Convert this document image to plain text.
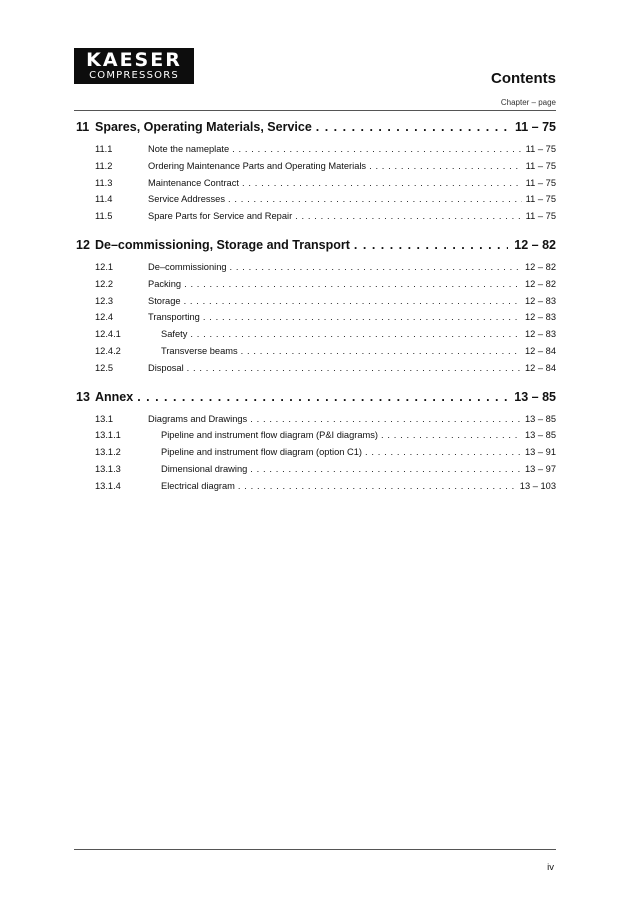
KAESER
COMPRESSORS	Contents
Chapter – page
11 Spares, Operating Materials, Service . . .	11 – 75
11.1	Note the nameplate . . .	11 – 75
11.2	Ordering Maintenance Parts and Operating Materials . . .	11 – 75
11.3	Maintenance Contract . . .	11 – 75
11.4	Service Addresses . . .	11 – 75
11.5	Spare Parts for Service and Repair . . .	11 – 75
12 De–commissioning, Storage and Transport . . .	12 – 82
12.1	De–commissioning . . .	12 – 82
12.2	Packing . . .	12 – 82
12.3	Storage . . .	12 – 83
12.4	Transporting . . .	12 – 83
12.4.1	Safety . . .	12 – 83
12.4.2	Transverse beams . . .	12 – 84
12.5	Disposal . . .	12 – 84
13 Annex . . .	13 – 85
13.1	Diagrams and Drawings . . .	13 – 85
13.1.1	Pipeline and instrument flow diagram (P&I diagrams) . . .	13 – 85
13.1.2	Pipeline and instrument flow diagram (option C1) . . .	13 – 91
13.1.3	Dimensional drawing . . .	13 – 97
13.1.4	Electrical diagram . . .	13 – 103
iv
